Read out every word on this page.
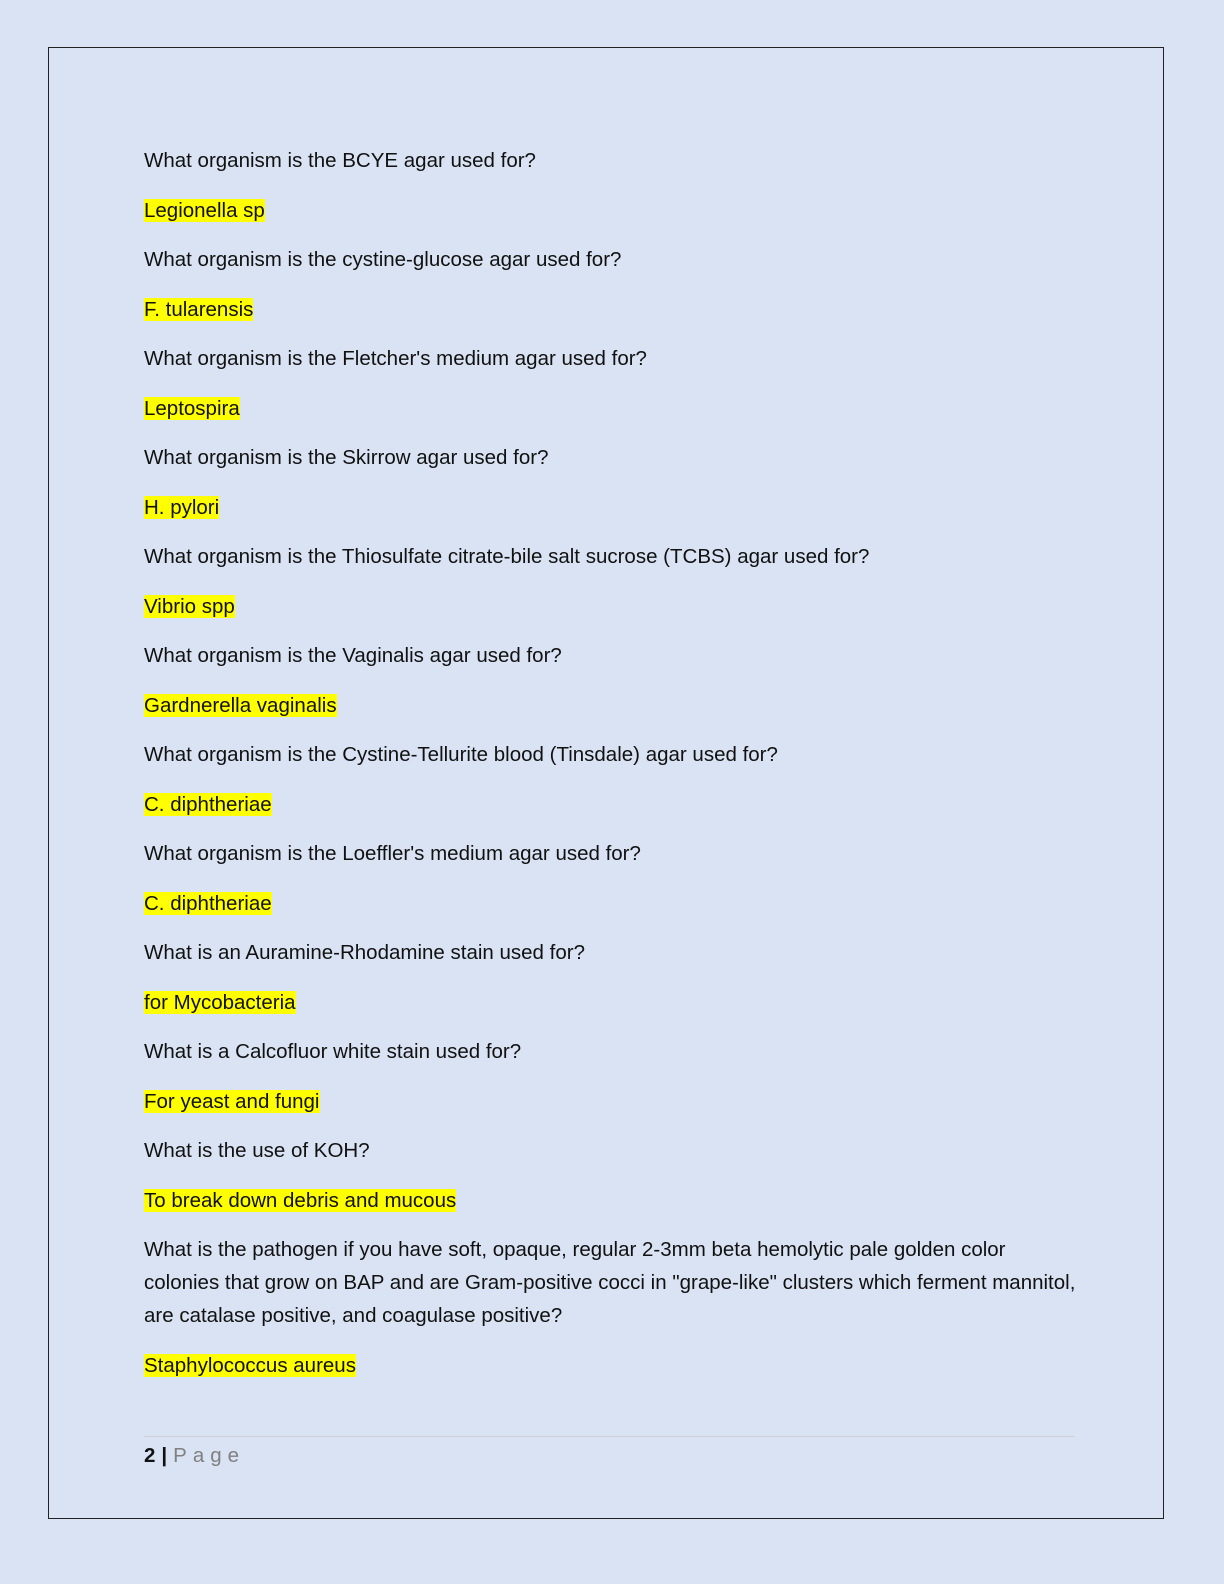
What organism is the BCYE agar used for?

Legionella sp

What organism is the cystine-glucose agar used for?

F. tularensis

What organism is the Fletcher's medium agar used for?

Leptospira

What organism is the Skirrow agar used for?

H. pylori

What organism is the Thiosulfate citrate-bile salt sucrose (TCBS) agar used for?

Vibrio spp

What organism is the Vaginalis agar used for?

Gardnerella vaginalis

What organism is the Cystine-Tellurite blood (Tinsdale) agar used for?

C. diphtheriae

What organism is the Loeffler's medium agar used for?

C. diphtheriae

What is an Auramine-Rhodamine stain used for?

for Mycobacteria

What is a Calcofluor white stain used for?

For yeast and fungi

What is the use of KOH?

To break down debris and mucous

What is the pathogen if you have soft, opaque, regular 2-3mm beta hemolytic pale golden color colonies that grow on BAP and are Gram-positive cocci in "grape-like" clusters which ferment mannitol, are catalase positive, and coagulase positive?

Staphylococcus aureus

2 | Page
